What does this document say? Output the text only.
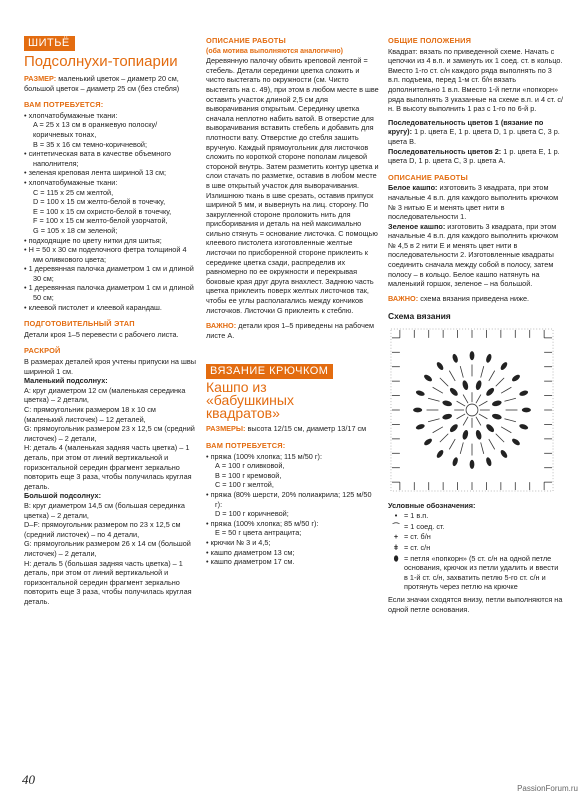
ШИТЬЁ
Подсолнухи-топиарии

РАЗМЕР: маленький цветок – диаметр 20 см, большой цветок – диаметр 25 см (без стебля)

ВАМ ПОТРЕБУЕТСЯ:

• хлопчатобумажные ткани:

A = 25 x 13 см в оранжевую полоску/коричневых тонах,

B = 35 x 16 см темно-коричневой;

• синтетическая вата в качестве объемного наполнителя;

• зеленая креповая лента шириной 13 см;

• хлопчатобумажные ткани:

C = 115 x 25 см желтой,

D = 100 x 15 см желто-белой в точечку,

E = 100 x 15 см охристо-белой в точечку,

F = 100 x 15 см желто-белой узорчатой,

G = 105 x 18 см зеленой;

• подходящие по цвету нитки для шитья;

• H = 50 x 30 см поделочного фетра толщиной 4 мм оливкового цвета;

• 1 деревянная палочка диаметром 1 см и длиной 30 см;

• 1 деревянная палочка диаметром 1 см и длиной 50 см;

• клеевой пистолет и клеевой карандаш.

ПОДГОТОВИТЕЛЬНЫЙ ЭТАП

Детали кроя 1–5 перевести с рабочего листа.

РАСКРОЙ

В размерах деталей кроя учтены припуски на швы шириной 1 см.

Маленький подсолнух:

А: круг диаметром 12 см (маленькая серединка цветка) – 2 детали,

C: прямоугольник размером 18 x 10 см (маленький листочек) – 12 деталей,

G: прямоугольник размером 23 x 12,5 см (средний листочек) – 2 детали,

H: деталь 4 (маленькая задняя часть цветка) – 1 деталь, при этом от линий вертикальной и горизонтальной середин фрагмент зеркально повторить еще 3 раза, чтобы получилась круглая деталь.

Большой подсолнух:

В: круг диаметром 14,5 см (большая серединка цветка) – 2 детали,

D–F: прямоугольник размером по 23 x 12,5 см (средний листочек) – по 4 детали,

G: прямоугольник размером 26 x 14 см (большой листочек) – 2 детали,

H: деталь 5 (большая задняя часть цветка) – 1 деталь, при этом от линий вертикальной и горизонтальной середин фрагмент зеркально повторить еще 3 раза, чтобы получилась круглая деталь.

ОПИСАНИЕ РАБОТЫ

(оба мотива выполняются аналогично)

Деревянную палочку обвить креповой лентой = стебель. Детали серединки цветка сложить и чисто выстегать по окружности (см. Чисто выстегать на с. 49), при этом в любом месте в шве оставить участок длиной 2,5 см для выворачивания открытым. Серединку цветка сначала неплотно набить ватой. В отверстие для выворачивания вставить стебель и добавить для плотности вату. Отверстие до стебля зашить вручную. Каждый прямоугольник для листочков сложить по короткой стороне пополам лицевой стороной внутрь. Затем разметить контур цветка и слои стачать по разметке, оставив в любом месте в шве открытый участок для выворачивания. Излишнюю ткань в шве срезать, оставив припуск шириной 5 мм, и вывернуть на лиц. сторону. По закругленной стороне проложить нить для присборивания и деталь на ней максимально сильно стянуть = основание листочка. С помощью клеевого пистолета изготовленные желтые листочки по присборенной стороне приклеить к серединке цветка сзади, распределив их равномерно по ее окружности и перекрывая боковые края друг друга внахлест. Заднюю часть цветка приклеить поверх желтых листочков так, чтобы ее углы располагались между кончиков листочков. Листочки G приклеить к стеблю.

ВАЖНО: детали кроя 1–5 приведены на рабочем листе А.

ВЯЗАНИЕ КРЮЧКОМ
Кашпо из «бабушкиных квадратов»

РАЗМЕРЫ: высота 12/15 см, диаметр 13/17 см

ВАМ ПОТРЕБУЕТСЯ:

• пряжа (100% хлопка; 115 м/50 г):

А = 100 г оливковой,

В = 100 г кремовой,

С = 100 г желтой,

• пряжа (80% шерсти, 20% полиакрила; 125 м/50 г):

D = 100 г коричневой;

• пряжа (100% хлопка; 85 м/50 г):

E = 50 г цвета антрацита;

• крючки № 3 и 4,5;

• кашпо диаметром 13 см;

• кашпо диаметром 17 см.

ОБЩИЕ ПОЛОЖЕНИЯ

Квадрат: вязать по приведенной схеме. Начать с цепочки из 4 в.п. и замкнуть их 1 соед. ст. в кольцо. Вместо 1-го ст. с/н каждого ряда выполнять по 3 в.п. подъема, перед 1-м ст. б/н вязать дополнительно 1 в.п. Вместо 1-й петли «попкорн» ряда выполнять 3 указанные на схеме в.п. и 4 ст. с/н. В высоту выполнить 1 раз с 1-го по 6-й р.

Последовательность цветов 1 (вязание по кругу): 1 р. цвета E, 1 р. цвета D, 1 р. цвета C, 3 р. цвета B.

Последовательность цветов 2: 1 р. цвета E, 1 р. цвета D, 1 р. цвета C, 3 р. цвета A.

ОПИСАНИЕ РАБОТЫ

Белое кашпо: изготовить 3 квадрата, при этом начальные 4 в.п. для каждого выполнить крючком № 3 нитью E и менять цвет нити в последовательности 1.

Зеленое кашпо: изготовить 3 квадрата, при этом начальные 4 в.п. для каждого выполнить крючком № 4,5 в 2 нити E и менять цвет нити в последовательности 2. Изготовленные квадраты соединить сначала между собой в полосу, затем полосу – в кольцо. Белое кашпо натянуть на маленький горшок, зеленое – на большой.

ВАЖНО: схема вязания приведена ниже.

Схема вязания

Условные обозначения:

• = 1 в.п.
⌒ = 1 соед. ст.
+ = ст. б/н
ǂ = ст. с/н
⬮ = петля «попкорн» (5 ст. с/н на одной петле основания, крючок из петли удалить и ввести в 1-й ст. с/н, захватить петлю 5-го ст. с/н и протянуть через петлю на крючке

Если значки сходятся внизу, петли выполняются на одной петле основания.

40
PassionForum.ru
